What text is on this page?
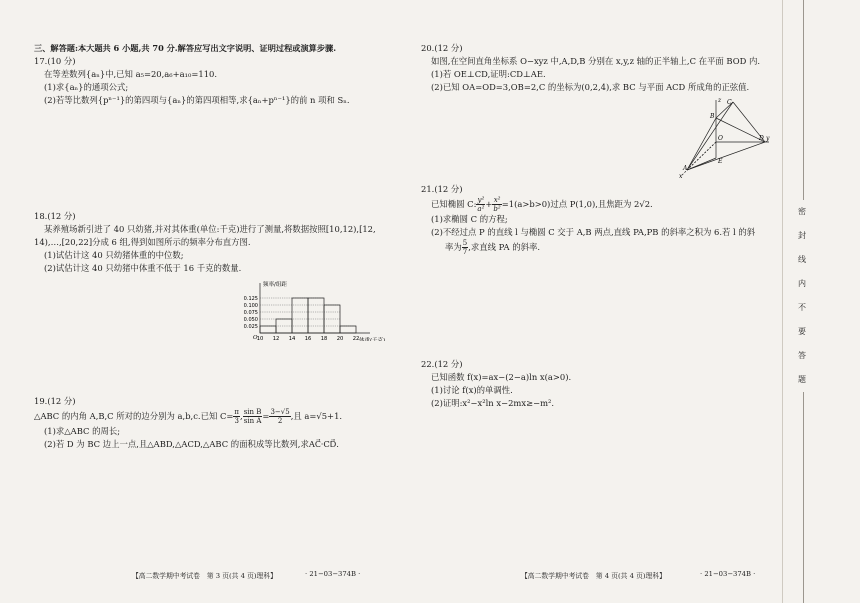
三、解答题:本大题共 6 小题,共 70 分.解答应写出文字说明、证明过程或演算步骤.

17.(10 分)

在等差数列{aₙ}中,已知 a₅=20,a₆+a₁₀=110.

(1)求{aₙ}的通项公式;

(2)若等比数列{pⁿ⁻¹}的第四项与{aₙ}的第四项相等,求{aₙ+pⁿ⁻¹}的前 n 项和 Sₙ.

18.(12 分)

某养殖场新引进了 40 只幼猪,并对其体重(单位:千克)进行了测量,将数据按照[10,12),[12,

14),…,[20,22]分成 6 组,得到如图所示的频率分布直方图.

(1)试估计这 40 只幼猪体重的中位数;

(2)试估计这 40 只幼猪中体重不低于 16 千克的数量.

频率/组距
体重(千克)
O
0.125
0.100
0.075
0.050
0.025
10 12 14 16 18 20 22

19.(12 分)

△ABC 的内角 A,B,C 所对的边分别为 a,b,c.已知 $C= \frac{\pi}{3}$ , $\frac{\text{sin B}}{\text{sin A}} = \frac{3-√5}{2}$ ,且 a=√5+1.

(1)求△ABC 的周长;

(2)若 D 为 BC 边上一点,且△ABD,△ACD,△ABC 的面积成等比数列,求AC⃗·CD⃗.

20.(12 分)

如图,在空间直角坐标系 O−xyz 中,A,D,B 分别在 x,y,z 轴的正半轴上,C 在平面 BOD 内.

(1)若 OE⊥CD,证明:CD⊥AE.

(2)已知 OA=OD=3,OB=2,C 的坐标为(0,2,4),求 BC 与平面 ACD 所成角的正弦值.

21.(12 分)

已知椭圆 C: $\frac{\text{y²}}{\text{a²}} + \frac{\text{x²}}{\text{b²}} =1(a>b>0)$过点 P(1,0),且焦距为 2√2.

(1)求椭圆 C 的方程;

(2)不经过点 P 的直线 l 与椭圆 C 交于 A,B 两点,直线 PA,PB 的斜率之积为 6.若 l 的斜

率为 $\frac{5}{7}$ ,求直线 PA 的斜率.

22.(12 分)

已知函数 f(x)=ax−(2−a)ln x(a>0).

(1)讨论 f(x)的单调性.

(2)证明:x²−x²ln x−2mx≥−m².

z
B
C
O	D y
E
A
x
【高二数学期中考试卷　第 3 页(共 4 页)理科】	· 21−03−374B ·	【高二数学期中考试卷　第 4 页(共 4 页)理科】	· 21−03−374B ·
密封线内不要答题
